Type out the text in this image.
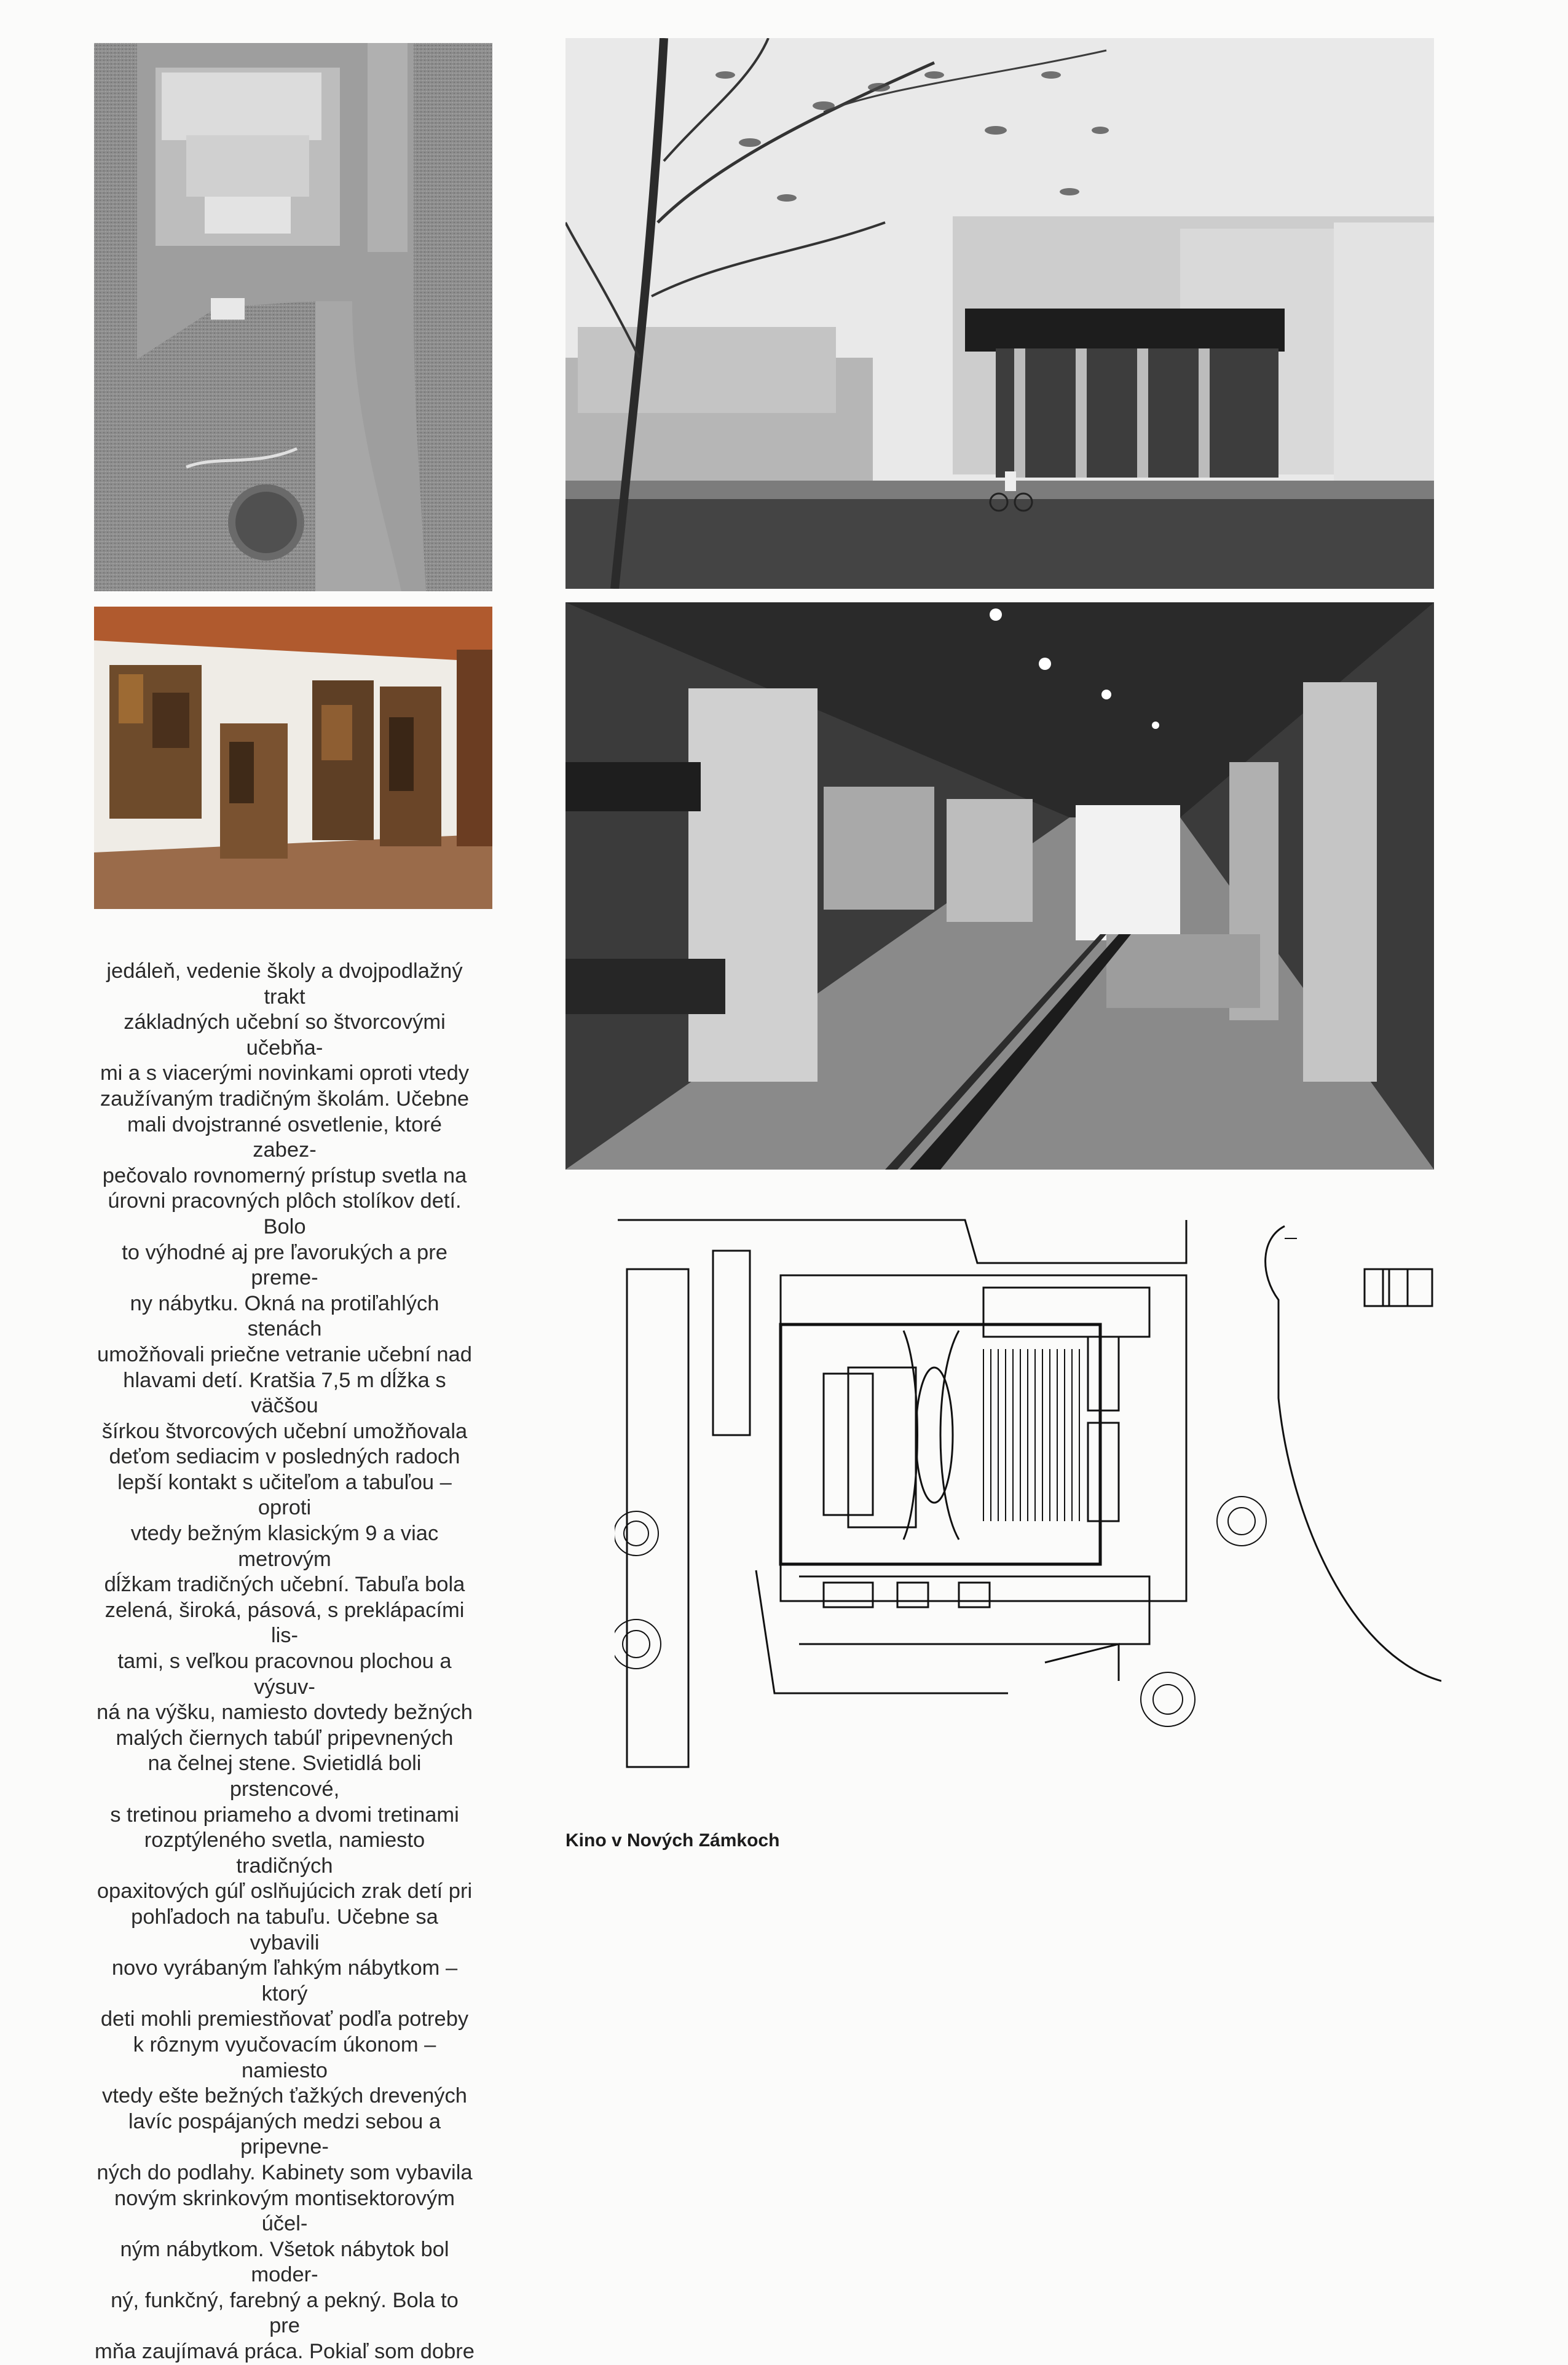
jedáleň, vedenie školy a dvojpodlažný trakt
základných učební so štvorcovými učebňa-
mi a s viacerými novinkami oproti vtedy
zaužívaným tradičným školám. Učebne
mali dvojstranné osvetlenie, ktoré zabez-
pečovalo rovnomerný prístup svetla na
úrovni pracovných plôch stolíkov detí. Bolo
to výhodné aj pre ľavorukých a pre preme-
ny nábytku. Okná na protiľahlých stenách
umožňovali priečne vetranie učební nad
hlavami detí. Kratšia 7,5 m dĺžka s väčšou
šírkou štvorcových učební umožňovala
deťom sediacim v posledných radoch
lepší kontakt s učiteľom a tabuľou – oproti
vtedy bežným klasickým 9 a viac metrovým
dĺžkam tradičných učební. Tabuľa bola
zelená, široká, pásová, s preklápacími lis-
tami, s veľkou pracovnou plochou a výsuv-
ná na výšku, namiesto dovtedy bežných
malých čiernych tabúľ pripevnených
na čelnej stene. Svietidlá boli prstencové,
s tretinou priameho a dvomi tretinami
rozptýleného svetla, namiesto tradičných
opaxitových gúľ oslňujúcich zrak detí pri
pohľadoch na tabuľu. Učebne sa vybavili
novo vyrábaným ľahkým nábytkom – ktorý
deti mohli premiestňovať podľa potreby
k rôznym vyučovacím úkonom – namiesto
vtedy ešte bežných ťažkých drevených
lavíc pospájaných medzi sebou a pripevne-
ných do podlahy. Kabinety som vybavila
novým skrinkovým montisektorovým účel-
ným nábytkom. Všetok nábytok bol moder-
ný, funkčný, farebný a pekný. Bola to pre
mňa zaujímavá práca. Pokiaľ som dobre

Kino v Nových Zámkoch
